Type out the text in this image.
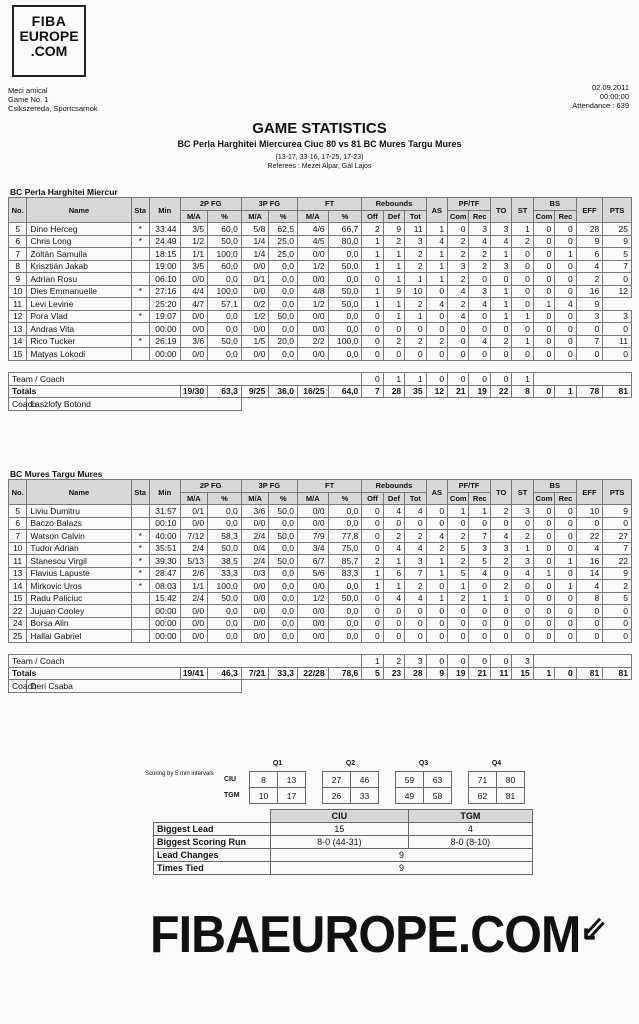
FIBA
EUROPE
.COM
Meci amical
Game No. 1
Csikszereda, Sportcsarnok
02.09.2011
00:00:00
Attendance : 639
GAME STATISTICS
BC Perla Harghitei Miercurea Ciuc 80 vs 81 BC Mures Targu Mures
(13-17, 33-16, 17-25, 17-23)
Referees : Mezei Alpar, Gál Lajos
BC Perla Harghitei Miercur
No.	Name	Sta	Min	2P FG		3P FG		FT		Rebounds			AS	PF/TF		TO	ST	BS		EFF	PTS
				M/A	%	M/A	%	M/A	%	Off	Def	Tot		Com	Rec			Com	Rec		
5	Dino Herceg	*	33:44	3/5	60,0	5/8	62,5	4/6	66,7	2	9	11	1	0	3	3	1	0	0	28	25
6	Chris Long	*	24:49	1/2	50,0	1/4	25,0	4/5	80,0	1	2	3	4	2	4	4	2	0	0	9	9
7	Zoltán Samuila		18:15	1/1	100,0	1/4	25,0	0/0	0,0	1	1	2	1	2	2	1	0	0	1	6	5
8	Krisztián Jakab		19:00	3/5	60,0	0/0	0,0	1/2	50,0	1	1	2	1	3	2	3	0	0	0	4	7
9	Adrian Rosu		06:10	0/0	0,0	0/1	0,0	0/0	0,0	0	1	1	1	2	0	0	0	0	0	2	0
10	Dies Emmanuelle	*	27:16	4/4	100,0	0/0	0,0	4/8	50,0	1	9	10	0	4	3	1	0	0	0	16	12
11	Levi Levine		25:20	4/7	57,1	0/2	0,0	1/2	50,0	1	1	2	4	2	4	1	0	1	4	9	
12	Pora Vlad	*	19:07	0/0	0,0	1/2	50,0	0/0	0,0	0	1	1	0	4	0	1	1	0	0	3	3
13	Andras Vita		00:00	0/0	0,0	0/0	0,0	0/0	0,0	0	0	0	0	0	0	0	0	0	0	0	0
14	Rico Tucker	*	26:19	3/6	50,0	1/5	20,0	2/2	100,0	0	2	2	2	0	4	2	1	0	0	7	11
15	Matyas Lokodi		00:00	0/0	0,0	0/0	0,0	0/0	0,0	0	0	0	0	0	0	0	0	0	0	0	0

Team / Coach										0	1	1	0	0	0	0	1				
Totals				19/30	63,3	9/25	36,0	16/25	64,0	7	28	35	12	21	19	22	8	0	1	78	81
Coach	Laszlofy Botond																				
BC Mures Targu Mures
No.	Name	Sta	Min	2P FG		3P FG		FT		Rebounds			AS	PF/TF		TO	ST	BS		EFF	PTS
				M/A	%	M/A	%	M/A	%	Off	Def	Tot		Com	Rec			Com	Rec		
5	Liviu Dumitru		31:57	0/1	0,0	3/6	50,0	0/0	0,0	0	4	4	0	1	1	2	3	0	0	10	9
6	Baczo Balazs		00:10	0/0	0,0	0/0	0,0	0/0	0,0	0	0	0	0	0	0	0	0	0	0	0	0
7	Watson Calvin	*	40:00	7/12	58,3	2/4	50,0	7/9	77,8	0	2	2	4	2	7	4	2	0	0	22	27
10	Tudor Adrian	*	35:51	2/4	50,0	0/4	0,0	3/4	75,0	0	4	4	2	5	3	3	1	0	0	4	7
11	Stanescu Virgil	*	39:30	5/13	38,5	2/4	50,0	6/7	85,7	2	1	3	1	2	5	2	3	0	1	16	22
13	Flavius Lapuste	*	28:47	2/6	33,3	0/3	0,0	5/6	83,3	1	6	7	1	5	4	0	4	1	0	14	9
14	Mirkovic Uros	*	08:03	1/1	100,0	0/0	0,0	0/0	0,0	1	1	2	0	1	0	2	0	0	1	4	2
15	Radu Paliciuc		15:42	2/4	50,0	0/0	0,0	1/2	50,0	0	4	4	1	2	1	1	0	0	0	8	5
22	Jujuan Cooley		00:00	0/0	0,0	0/0	0,0	0/0	0,0	0	0	0	0	0	0	0	0	0	0	0	0
24	Borsa Alin		00:00	0/0	0,0	0/0	0,0	0/0	0,0	0	0	0	0	0	0	0	0	0	0	0	0
25	Hallai Gabriel		00:00	0/0	0,0	0/0	0,0	0/0	0,0	0	0	0	0	0	0	0	0	0	0	0	0

Team / Coach										1	2	3	0	0	0	0	3				
Totals				19/41	46,3	7/21	33,3	22/28	78,6	5	23	28	9	19	21	11	15	1	0	81	81
Coach	Deri Csaba																				
Scoring by 5 min intervals
	Q1			Q2			Q3			Q4	
CIU	8	13		27	46		59	63		71	80
TGM	10	17		26	33		49	58		62	81
	CIU	TGM
Biggest Lead	15	4
Biggest Scoring Run	8-0 (44-31)	8-0 (8-10)
Lead Changes	9	
Times Tied	9	
FIBAEUROPE.COM⇙
